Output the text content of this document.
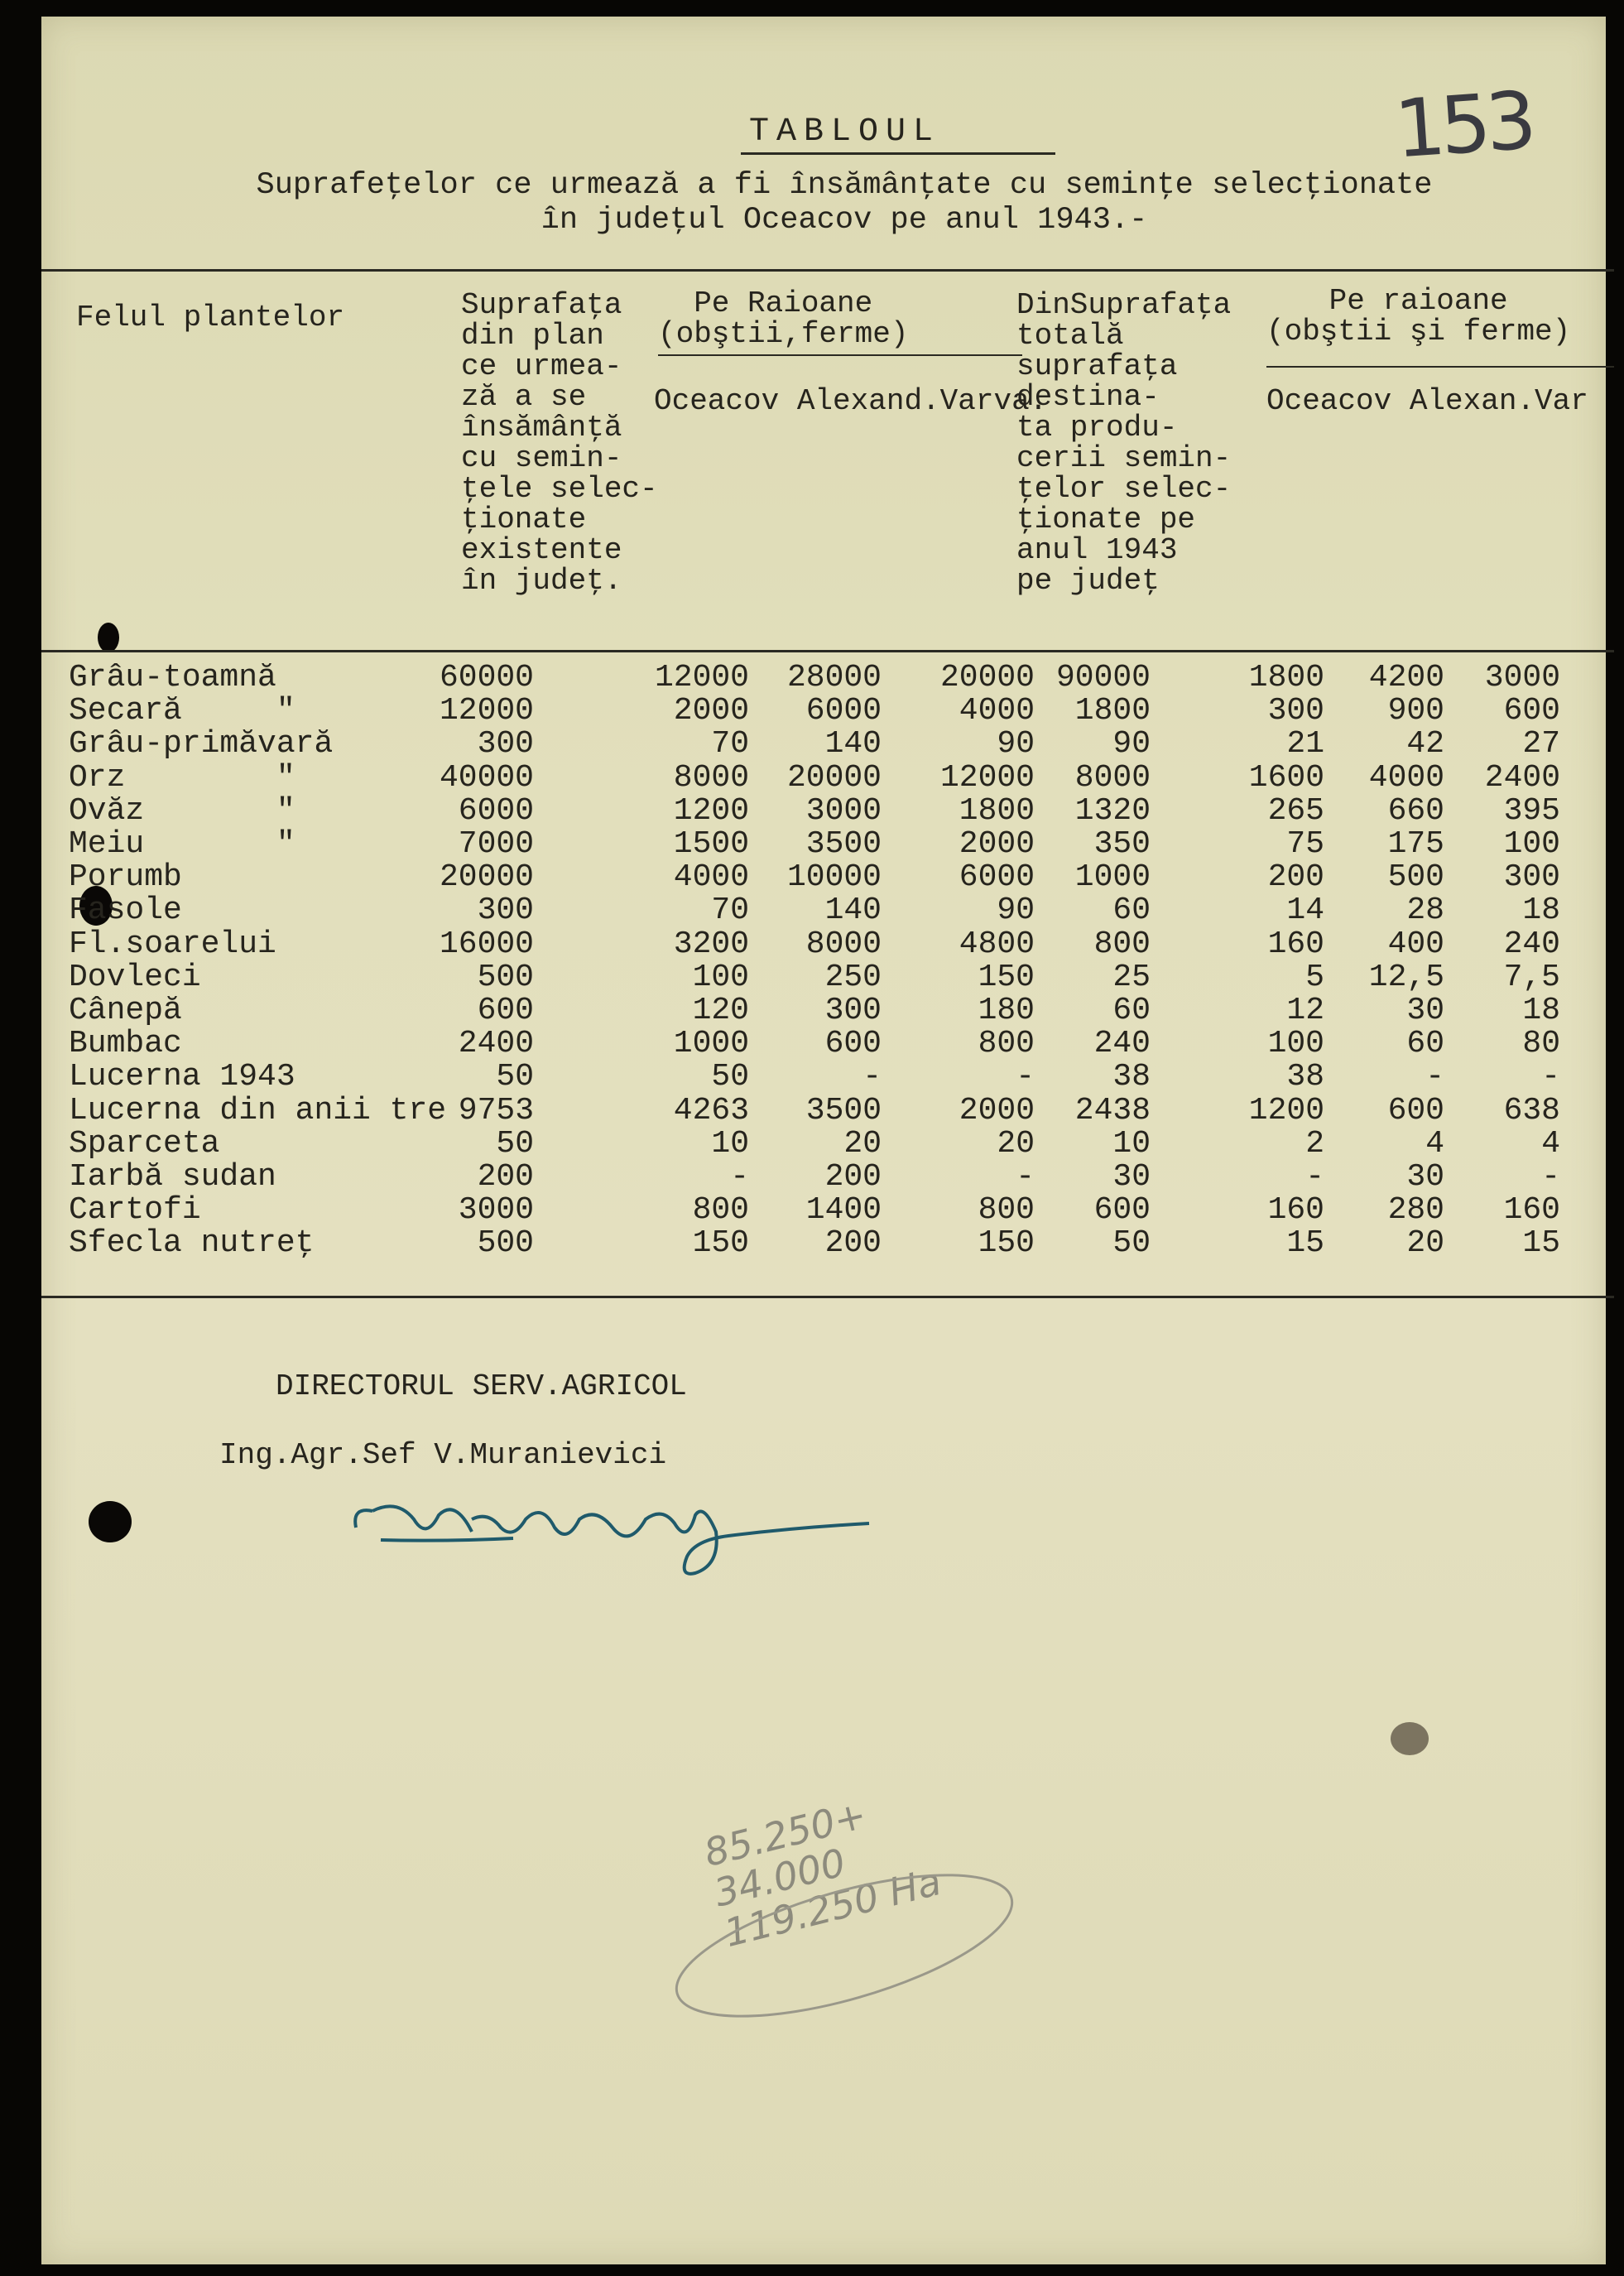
153
TABLOUL
Suprafeţelor ce urmează a fi însămânţate cu seminţe selecţionate
în judeţul Oceacov pe anul 1943.-
Felul plantelor	Suprafaţa
din plan
ce urmea-
ză a se
însămânţă
cu semin-
ţele selec-
ţionate
existente
în judeţ.
Pe Raioane
(obştii,ferme)
Oceacov Alexand.Varva.
DinSuprafaţa
totală
suprafaţa
destina-
ta produ-
cerii semin-
ţelor selec-
ţionate pe
anul 1943
pe judeţ
Pe raioane
(obştii şi ferme)
Oceacov Alexan.Var
Grâu-toamnă	60000	12000	28000	20000 90000	1800	4200	3000
Secară     "	12000	2000	6000	4000	1800	300	900	600
Grâu-primăvară	300	70	140	90	90	21	42	27
Orz        "	40000	8000	20000	12000	8000	1600	4000	2400
Ovăz       "	6000	1200	3000	1800	1320	265	660	395
Meiu       "	7000	1500	3500	2000	350	75	175	100
Porumb	20000	4000	10000	6000	1000	200	500	300
Fasole	300	70	140	90	60	14	28	18
Fl.soarelui	16000	3200	8000	4800	800	160	400	240
Dovleci	500	100	250	150	25	5	12,5	7,5
Cânepă	600	120	300	180	60	12	30	18
Bumbac	2400	1000	600	800	240	100	60	80
Lucerna 1943	50	50	-	-	38	38	-	-
Lucerna din anii tre 9753	4263	3500	2000	2438	1200	600	638
Sparceta	50	10	20	20	10	2	4	4
Iarbă sudan	200	-	200	-	30	-	30	-
Cartofi	3000	800	1400	800	600	160	280	160
Sfecla nutreţ	500	150	200	150	50	15	20	15
DIRECTORUL SERV.AGRICOL
Ing.Agr.Sef V.Muranievici
85.250+
34.000
119.250 Ha
